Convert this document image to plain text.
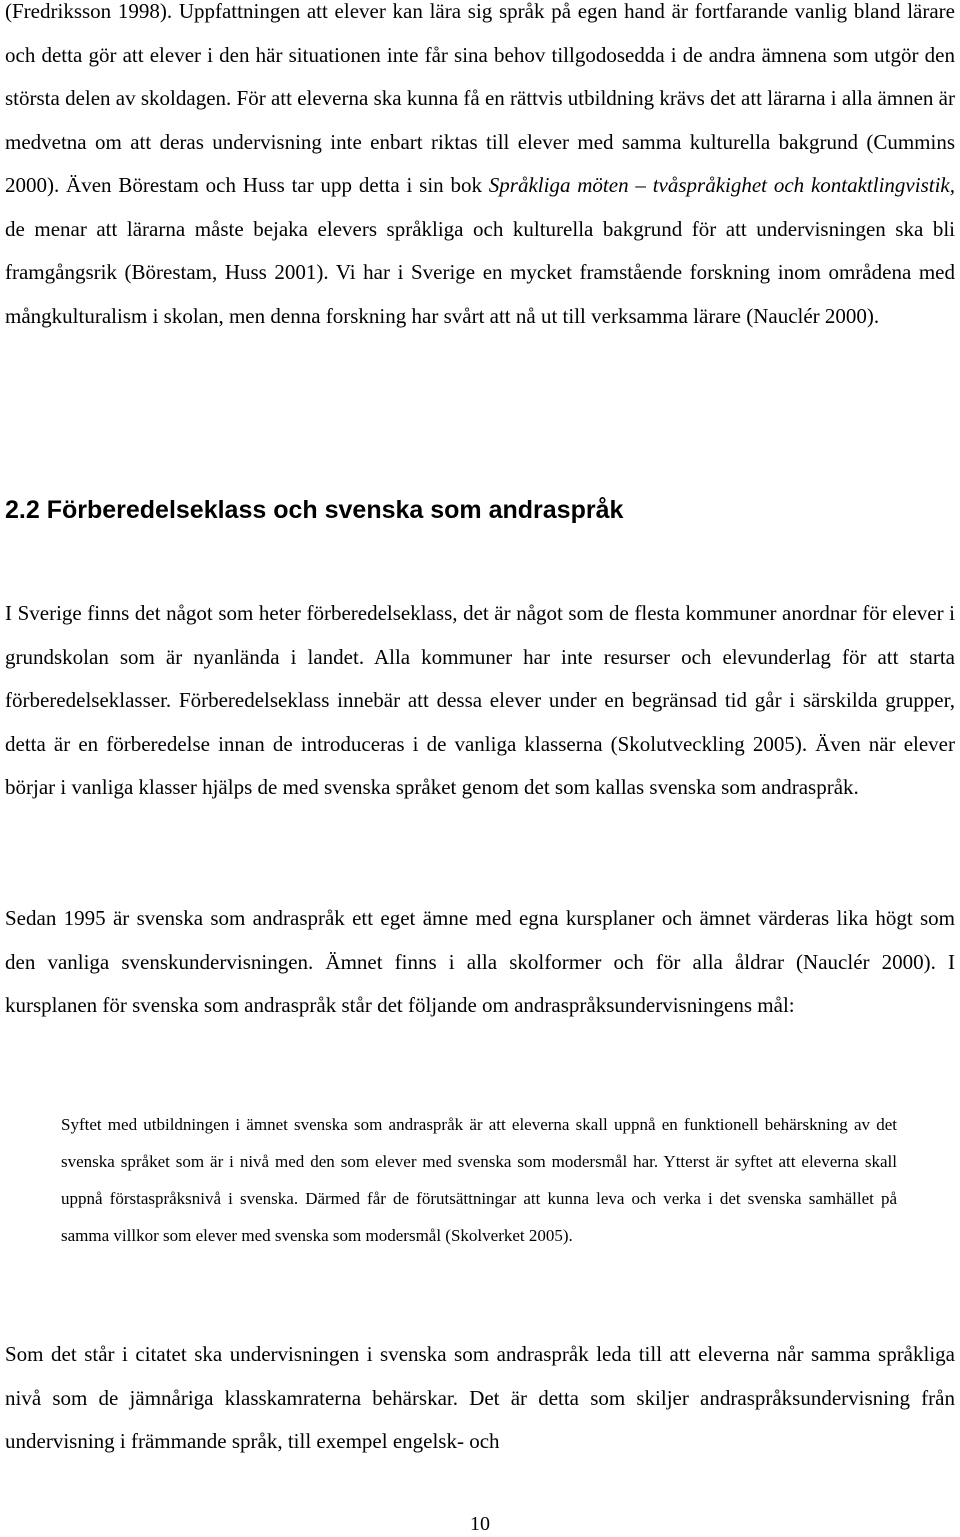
(Fredriksson 1998). Uppfattningen att elever kan lära sig språk på egen hand är fortfarande vanlig bland lärare och detta gör att elever i den här situationen inte får sina behov tillgodosedda i de andra ämnena som utgör den största delen av skoldagen. För att eleverna ska kunna få en rättvis utbildning krävs det att lärarna i alla ämnen är medvetna om att deras undervisning inte enbart riktas till elever med samma kulturella bakgrund (Cummins 2000). Även Börestam och Huss tar upp detta i sin bok Språkliga möten – tvåspråkighet och kontaktlingvistik, de menar att lärarna måste bejaka elevers språkliga och kulturella bakgrund för att undervisningen ska bli framgångsrik (Börestam, Huss 2001). Vi har i Sverige en mycket framstående forskning inom områdena med mångkulturalism i skolan, men denna forskning har svårt att nå ut till verksamma lärare (Nauclér 2000).

2.2 Förberedelseklass och svenska som andraspråk

I Sverige finns det något som heter förberedelseklass, det är något som de flesta kommuner anordnar för elever i grundskolan som är nyanlända i landet. Alla kommuner har inte resurser och elevunderlag för att starta förberedelseklasser. Förberedelseklass innebär att dessa elever under en begränsad tid går i särskilda grupper, detta är en förberedelse innan de introduceras i de vanliga klasserna (Skolutveckling 2005). Även när elever börjar i vanliga klasser hjälps de med svenska språket genom det som kallas svenska som andraspråk.

Sedan 1995 är svenska som andraspråk ett eget ämne med egna kursplaner och ämnet värderas lika högt som den vanliga svenskundervisningen. Ämnet finns i alla skolformer och för alla åldrar (Nauclér 2000). I kursplanen för svenska som andraspråk står det följande om andraspråksundervisningens mål:

Syftet med utbildningen i ämnet svenska som andraspråk är att eleverna skall uppnå en funktionell behärskning av det svenska språket som är i nivå med den som elever med svenska som modersmål har. Ytterst är syftet att eleverna skall uppnå förstaspråksnivå i svenska. Därmed får de förutsättningar att kunna leva och verka i det svenska samhället på samma villkor som elever med svenska som modersmål (Skolverket 2005).

Som det står i citatet ska undervisningen i svenska som andraspråk leda till att eleverna når samma språkliga nivå som de jämnåriga klasskamraterna behärskar. Det är detta som skiljer andraspråksundervisning från undervisning i främmande språk, till exempel engelsk- och

10
